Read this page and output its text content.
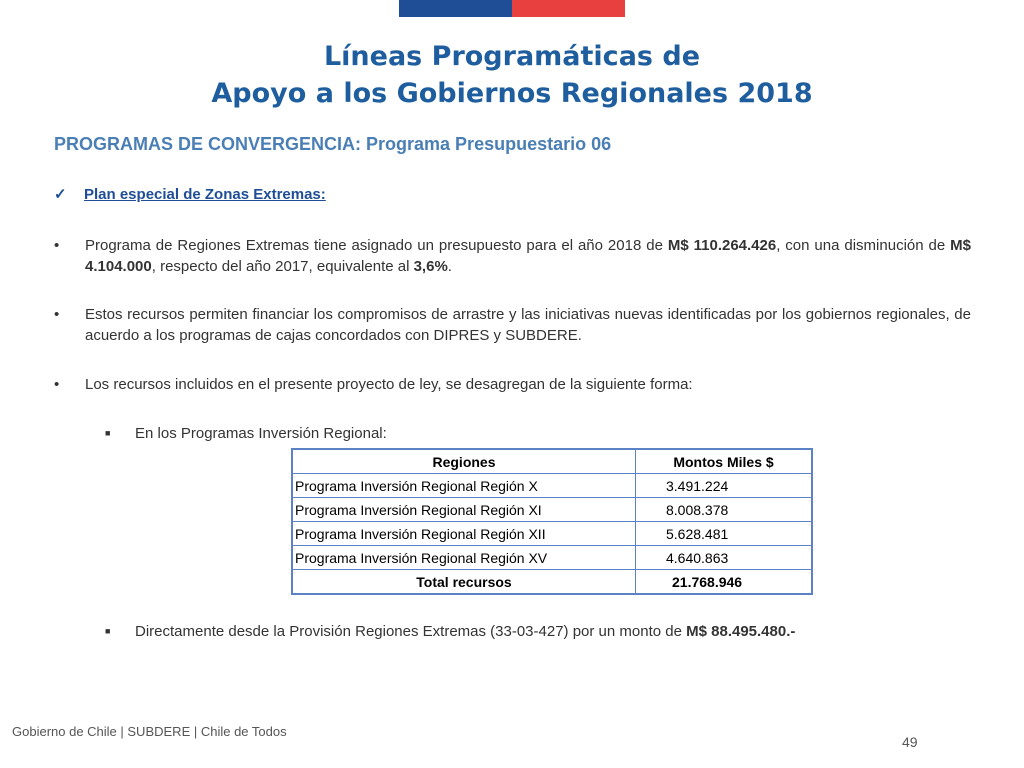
Líneas Programáticas de
Apoyo a los Gobiernos Regionales 2018
PROGRAMAS DE CONVERGENCIA: Programa Presupuestario 06
✓ Plan especial de Zonas Extremas:
•	Programa de Regiones Extremas tiene asignado un presupuesto para el año 2018 de M$ 110.264.426, con una disminución de M$ 4.104.000, respecto del año 2017, equivalente al 3,6%.
•	Estos recursos permiten financiar los compromisos de arrastre y las iniciativas nuevas identificadas por los gobiernos regionales, de acuerdo a los programas de cajas concordados con DIPRES y SUBDERE.
•	Los recursos incluidos en el presente proyecto de ley, se desagregan de la siguiente forma:
■ En los Programas Inversión Regional:
Regiones	Montos Miles $
Programa Inversión Regional Región X	3.491.224
Programa Inversión Regional Región XI	8.008.378
Programa Inversión Regional Región XII	5.628.481
Programa Inversión Regional Región XV	4.640.863
Total recursos	21.768.946
■ Directamente desde la Provisión Regiones Extremas (33-03-427) por un monto de M$ 88.495.480.-
Gobierno de Chile | SUBDERE | Chile de Todos
49
